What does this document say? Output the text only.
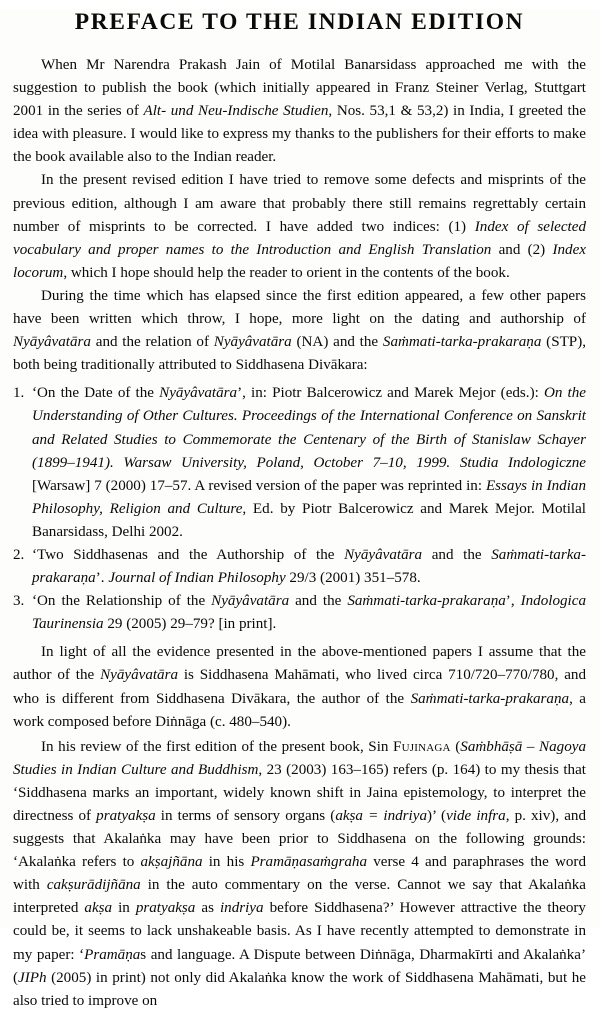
PREFACE TO THE INDIAN EDITION

When Mr Narendra Prakash Jain of Motilal Banarsidass approached me with the suggestion to publish the book (which initially appeared in Franz Steiner Verlag, Stuttgart 2001 in the series of Alt- und Neu-Indische Studien, Nos. 53,1 & 53,2) in India, I greeted the idea with pleasure. I would like to express my thanks to the publishers for their efforts to make the book available also to the Indian reader.

In the present revised edition I have tried to remove some defects and misprints of the previous edition, although I am aware that probably there still remains regrettably certain number of misprints to be corrected. I have added two indices: (1) Index of selected vocabulary and proper names to the Introduction and English Translation and (2) Index locorum, which I hope should help the reader to orient in the contents of the book.

During the time which has elapsed since the first edition appeared, a few other papers have been written which throw, I hope, more light on the dating and authorship of Nyāyâvatāra and the relation of Nyāyâvatāra (NA) and the Saṁmati-tarka-prakaraṇa (STP), both being traditionally attributed to Siddhasena Divākara:

1. ‘On the Date of the Nyāyâvatāra’, in: Piotr Balcerowicz and Marek Mejor (eds.): On the Understanding of Other Cultures. Proceedings of the International Conference on Sanskrit and Related Studies to Commemorate the Centenary of the Birth of Stanislaw Schayer (1899–1941). Warsaw University, Poland, October 7–10, 1999. Studia Indologiczne [Warsaw] 7 (2000) 17–57. A revised version of the paper was reprinted in: Essays in Indian Philosophy, Religion and Culture, Ed. by Piotr Balcerowicz and Marek Mejor. Motilal Banarsidass, Delhi 2002.
2. ‘Two Siddhasenas and the Authorship of the Nyāyâvatāra and the Saṁmati-tarka-prakaraṇa’. Journal of Indian Philosophy 29/3 (2001) 351–578.
3. ‘On the Relationship of the Nyāyâvatāra and the Saṁmati-tarka-prakaraṇa’, Indologica Taurinensia 29 (2005) 29–79? [in print].

In light of all the evidence presented in the above-mentioned papers I assume that the author of the Nyāyâvatāra is Siddhasena Mahāmati, who lived circa 710/720–770/780, and who is different from Siddhasena Divākara, the author of the Saṁmati-tarka-prakaraṇa, a work composed before Diṅnāga (c. 480–540).

In his review of the first edition of the present book, Sin Fujinaga (Saṁbhāṣā – Nagoya Studies in Indian Culture and Buddhism, 23 (2003) 163–165) refers (p. 164) to my thesis that ‘Siddhasena marks an important, widely known shift in Jaina epistemology, to interpret the directness of pratyakṣa in terms of sensory organs (akṣa = indriya)’ (vide infra, p. xiv), and suggests that Akalaṅka may have been prior to Siddhasena on the following grounds: ‘Akalaṅka refers to akṣajñāna in his Pramāṇasaṁgraha verse 4 and paraphrases the word with cakṣurādijñāna in the auto commentary on the verse. Cannot we say that Akalaṅka interpreted akṣa in pratyakṣa as indriya before Siddhasena?’ However attractive the theory could be, it seems to lack unshakeable basis. As I have recently attempted to demonstrate in my paper: ‘Pramāṇas and language. A Dispute between Diṅnāga, Dharmakīrti and Akalaṅka’ (JIPh (2005) in print) not only did Akalaṅka know the work of Siddhasena Mahāmati, but he also tried to improve on
